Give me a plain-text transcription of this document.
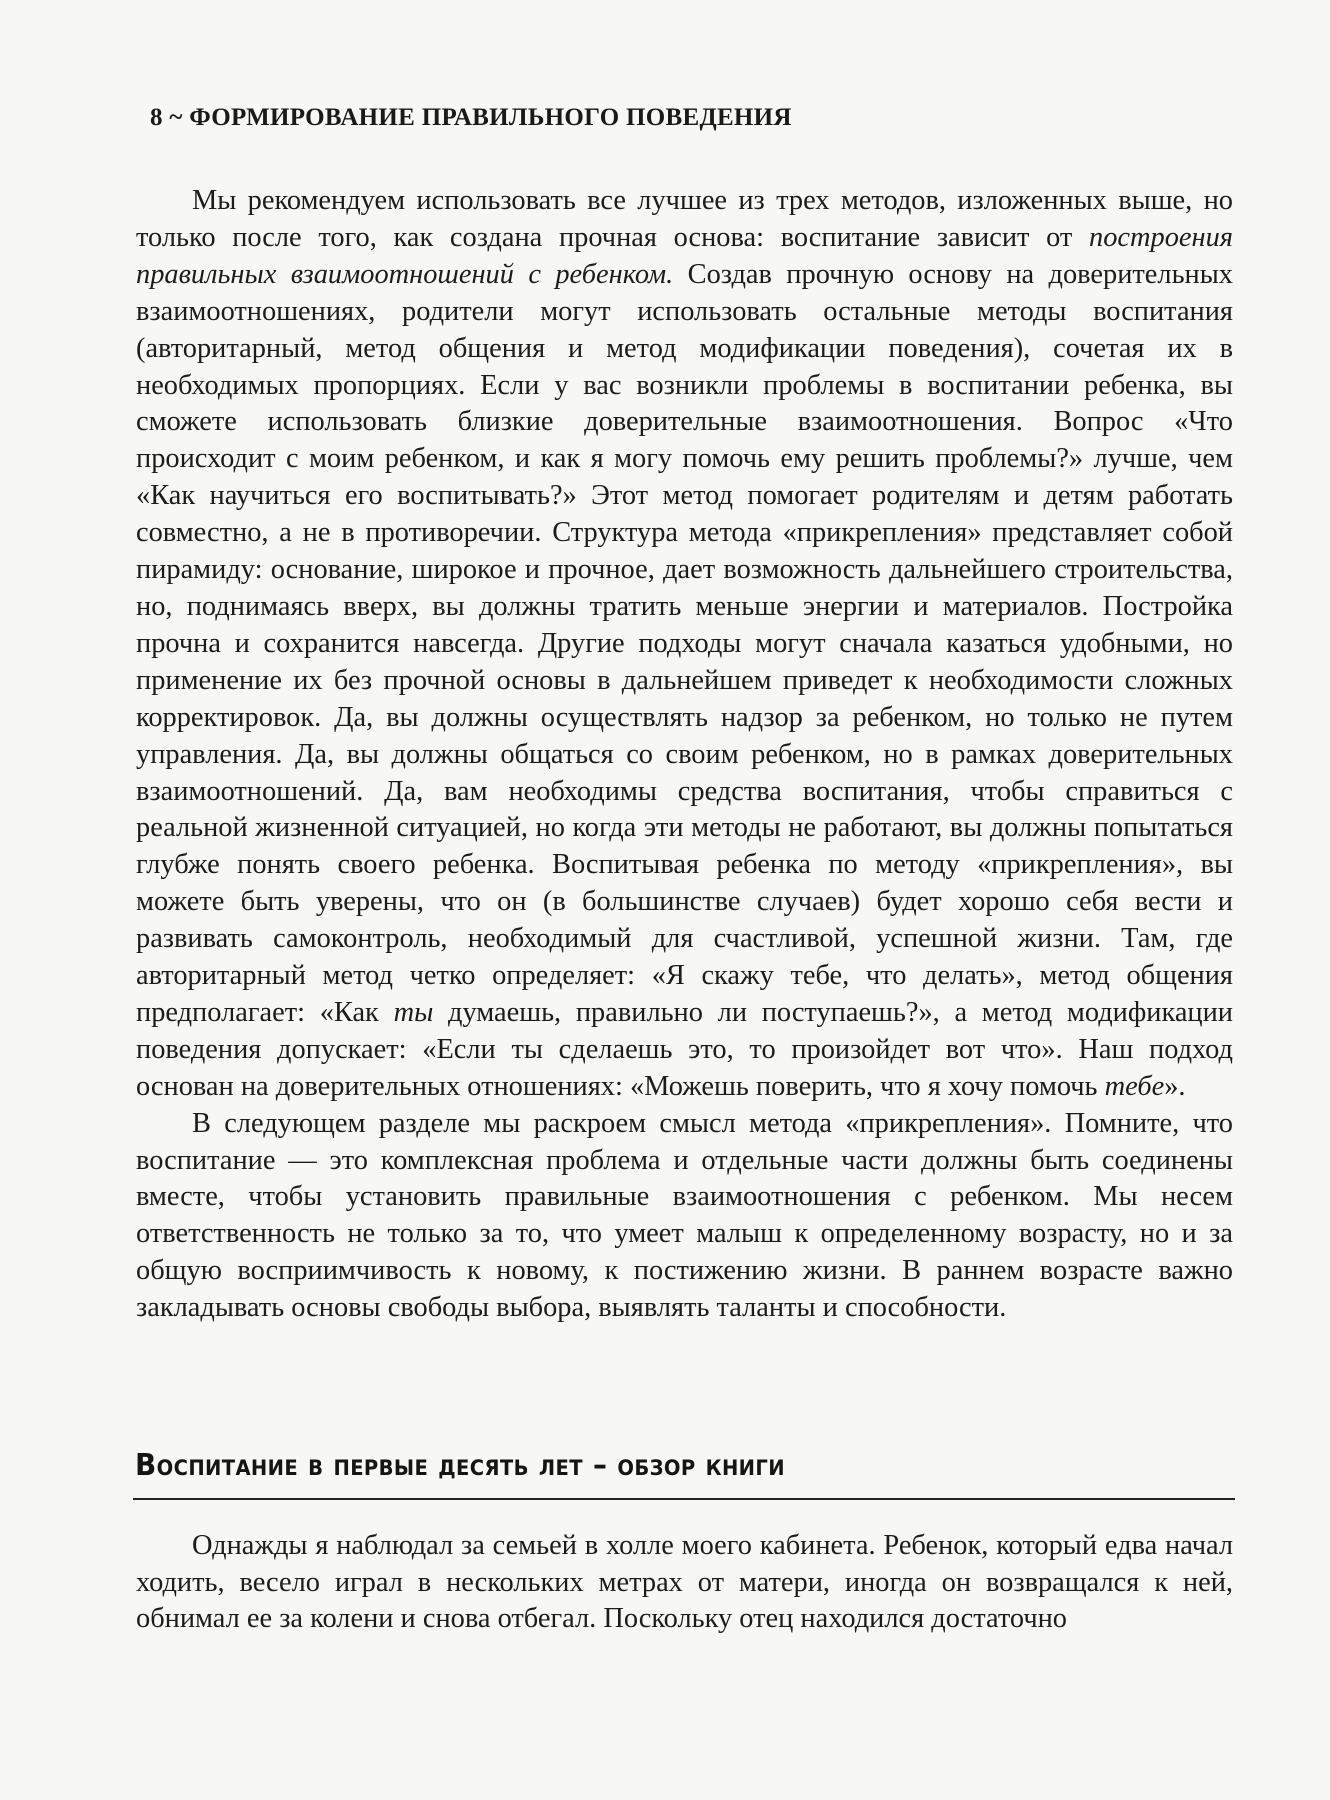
8 ~ ФОРМИРОВАНИЕ ПРАВИЛЬНОГО ПОВЕДЕНИЯ

Мы рекомендуем использовать все лучшее из трех методов, изложенных выше, но только после того, как создана прочная основа: воспитание зависит от построения правильных взаимоотношений с ребенком. Создав прочную основу на доверительных взаимоотношениях, родители могут использовать остальные методы воспитания (авторитарный, метод общения и метод модификации поведения), сочетая их в необходимых пропорциях. Если у вас возникли проблемы в воспитании ребенка, вы сможете использовать близкие доверительные взаимоотношения. Вопрос «Что происходит с моим ребенком, и как я могу помочь ему решить проблемы?» лучше, чем «Как научиться его воспитывать?» Этот метод помогает родителям и детям работать совместно, а не в противоречии. Структура метода «прикрепления» представляет собой пирамиду: основание, широкое и прочное, дает возможность дальнейшего строительства, но, поднимаясь вверх, вы должны тратить меньше энергии и материалов. Постройка прочна и сохранится навсегда. Другие подходы могут сначала казаться удобными, но применение их без прочной основы в дальнейшем приведет к необходимости сложных корректировок. Да, вы должны осуществлять надзор за ребенком, но только не путем управления. Да, вы должны общаться со своим ребенком, но в рамках доверительных взаимоотношений. Да, вам необходимы средства воспитания, чтобы справиться с реальной жизненной ситуацией, но когда эти методы не работают, вы должны попытаться глубже понять своего ребенка. Воспитывая ребенка по методу «прикрепления», вы можете быть уверены, что он (в большинстве случаев) будет хорошо себя вести и развивать самоконтроль, необходимый для счастливой, успешной жизни. Там, где авторитарный метод четко определяет: «Я скажу тебе, что делать», метод общения предполагает: «Как ты думаешь, правильно ли поступаешь?», а метод модификации поведения допускает: «Если ты сделаешь это, то произойдет вот что». Наш подход основан на доверительных отношениях: «Можешь поверить, что я хочу помочь тебе».

В следующем разделе мы раскроем смысл метода «прикрепления». Помните, что воспитание — это комплексная проблема и отдельные части должны быть соединены вместе, чтобы установить правильные взаимоотношения с ребенком. Мы несем ответственность не только за то, что умеет малыш к определенному возрасту, но и за общую восприимчивость к новому, к постижению жизни. В раннем возрасте важно закладывать основы свободы выбора, выявлять таланты и способности.

Воспитание в первые десять лет – обзор книги

Однажды я наблюдал за семьей в холле моего кабинета. Ребенок, который едва начал ходить, весело играл в нескольких метрах от матери, иногда он возвращался к ней, обнимал ее за колени и снова отбегал. Поскольку отец находился достаточно
